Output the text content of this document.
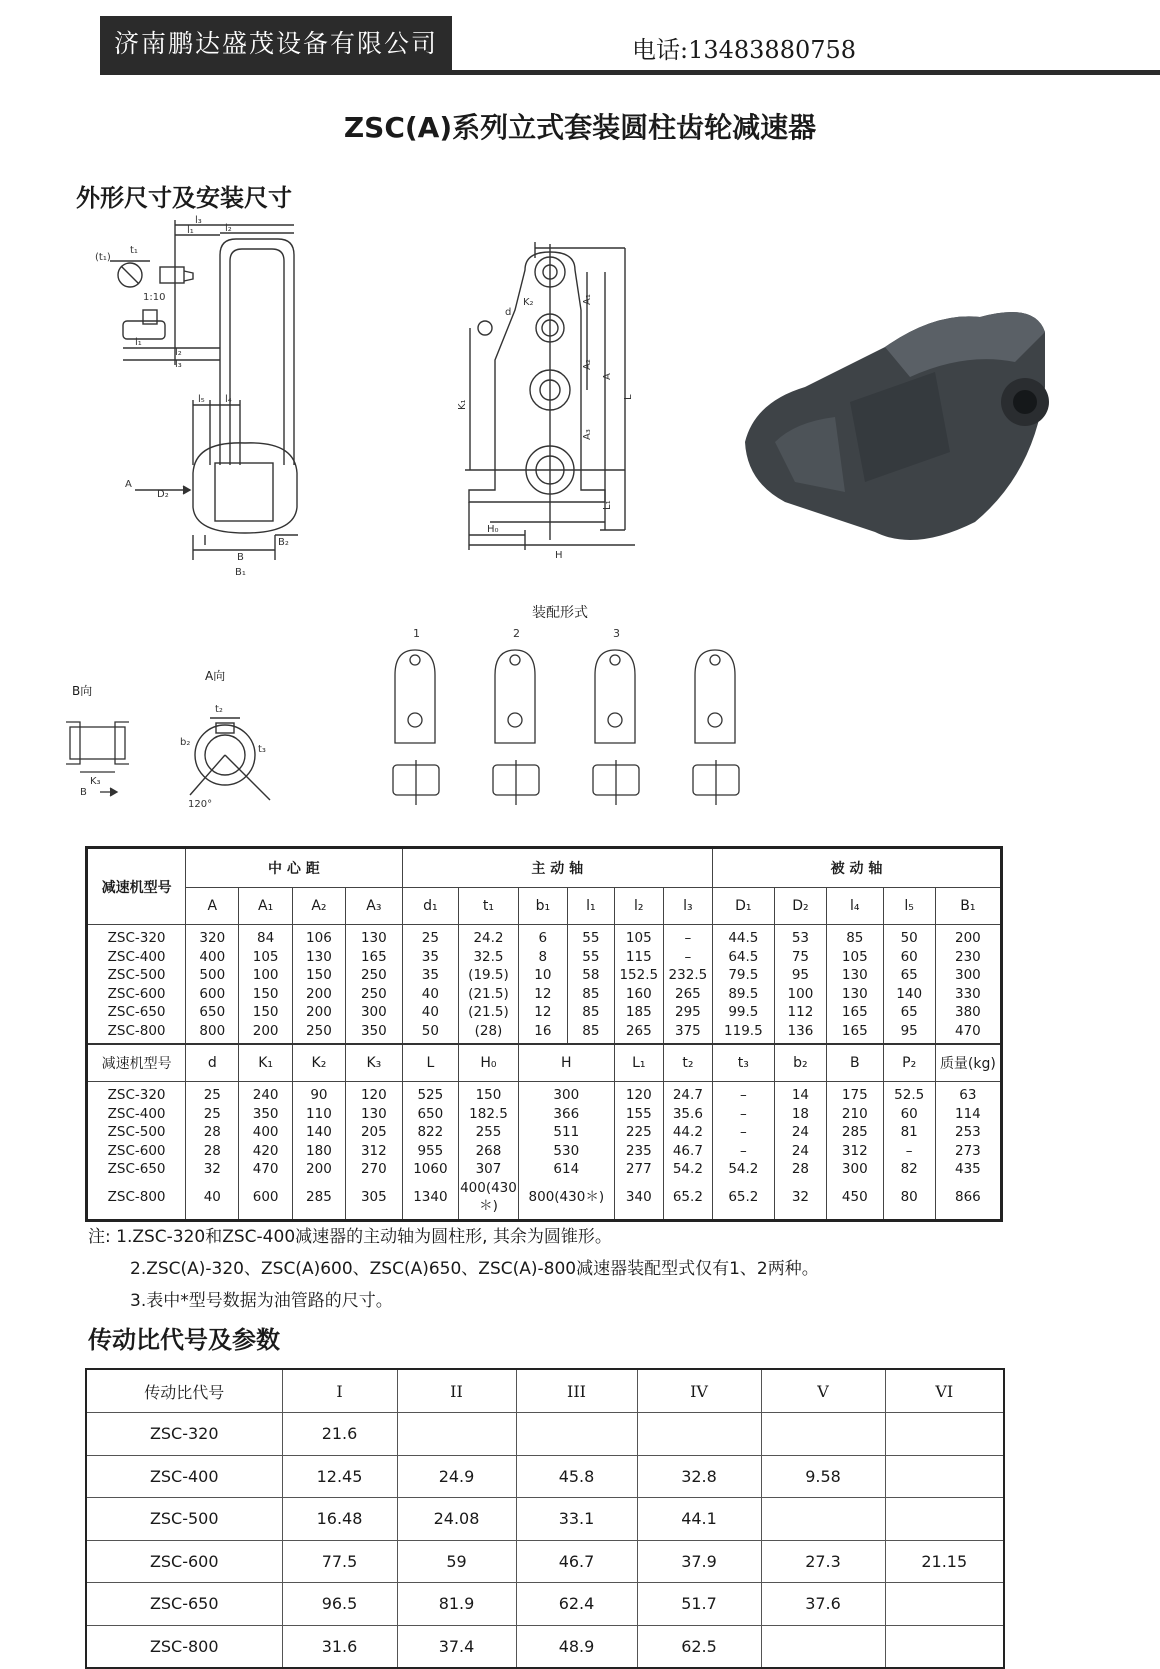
济南鹏达盛茂设备有限公司	电话:13483880758
ZSC(A)系列立式套装圆柱齿轮减速器
外形尺寸及安装尺寸
l₃
l₁	l₂
(t₁)
t₁
1:10
l₁
l₂
l₃
l₅ l₄
A
B
B₁
B₂
D₂
d
K₂	A₁
A₂
A₃
A
L
K₁
L₁
H₀
H
装配形式
B向
A向
K₃
B
t₂
b₂
t₃
120°
1	2	3
减速机型号	中 心 距				主 动 轴						被 动 轴				
	A	A₁	A₂	A₃	d₁	t₁	b₁	l₁	l₂	l₃	D₁	D₂	l₄	l₅	B₁
ZSC-320	320	84	106	130	25	24.2	6	55	105	–	44.5	53	85	50	200
ZSC-400	400	105	130	165	35	32.5	8	55	115	–	64.5	75	105	60	230
ZSC-500	500	100	150	250	35	(19.5)	10	58	152.5	232.5	79.5	95	130	65	300
ZSC-600	600	150	200	250	40	(21.5)	12	85	160	265	89.5	100	130	140	330
ZSC-650	650	150	200	300	40	(21.5)	12	85	185	295	99.5	112	165	65	380
ZSC-800	800	200	250	350	50	(28)	16	85	265	375	119.5	136	165	95	470
减速机型号	d	K₁	K₂	K₃	L	H₀	H		L₁	t₂	t₃	b₂	B	P₂	质量(kg)
ZSC-320	25	240	90	120	525	150	300		120	24.7	–	14	175	52.5	63
ZSC-400	25	350	110	130	650	182.5	366		155	35.6	–	18	210	60	114
ZSC-500	28	400	140	205	822	255	511		225	44.2	–	24	285	81	253
ZSC-600	28	420	180	312	955	268	530		235	46.7	–	24	312	–	273
ZSC-650	32	470	200	270	1060	307	614		277	54.2	54.2	28	300	82	435
ZSC-800	40	600	285	305	1340	400(430＊)	800(430＊)		340	65.2	65.2	32	450	80	866
注: 1.ZSC-320和ZSC-400减速器的主动轴为圆柱形, 其余为圆锥形。
2.ZSC(A)-320、ZSC(A)600、ZSC(A)650、ZSC(A)-800减速器装配型式仅有1、2两种。
3.表中*型号数据为油管路的尺寸。
传动比代号及参数
传动比代号	I	II	III	IV	V	VI
ZSC-320	21.6					
ZSC-400	12.45	24.9	45.8	32.8	9.58	
ZSC-500	16.48	24.08	33.1	44.1		
ZSC-600	77.5	59	46.7	37.9	27.3	21.15
ZSC-650	96.5	81.9	62.4	51.7	37.6	
ZSC-800	31.6	37.4	48.9	62.5		
